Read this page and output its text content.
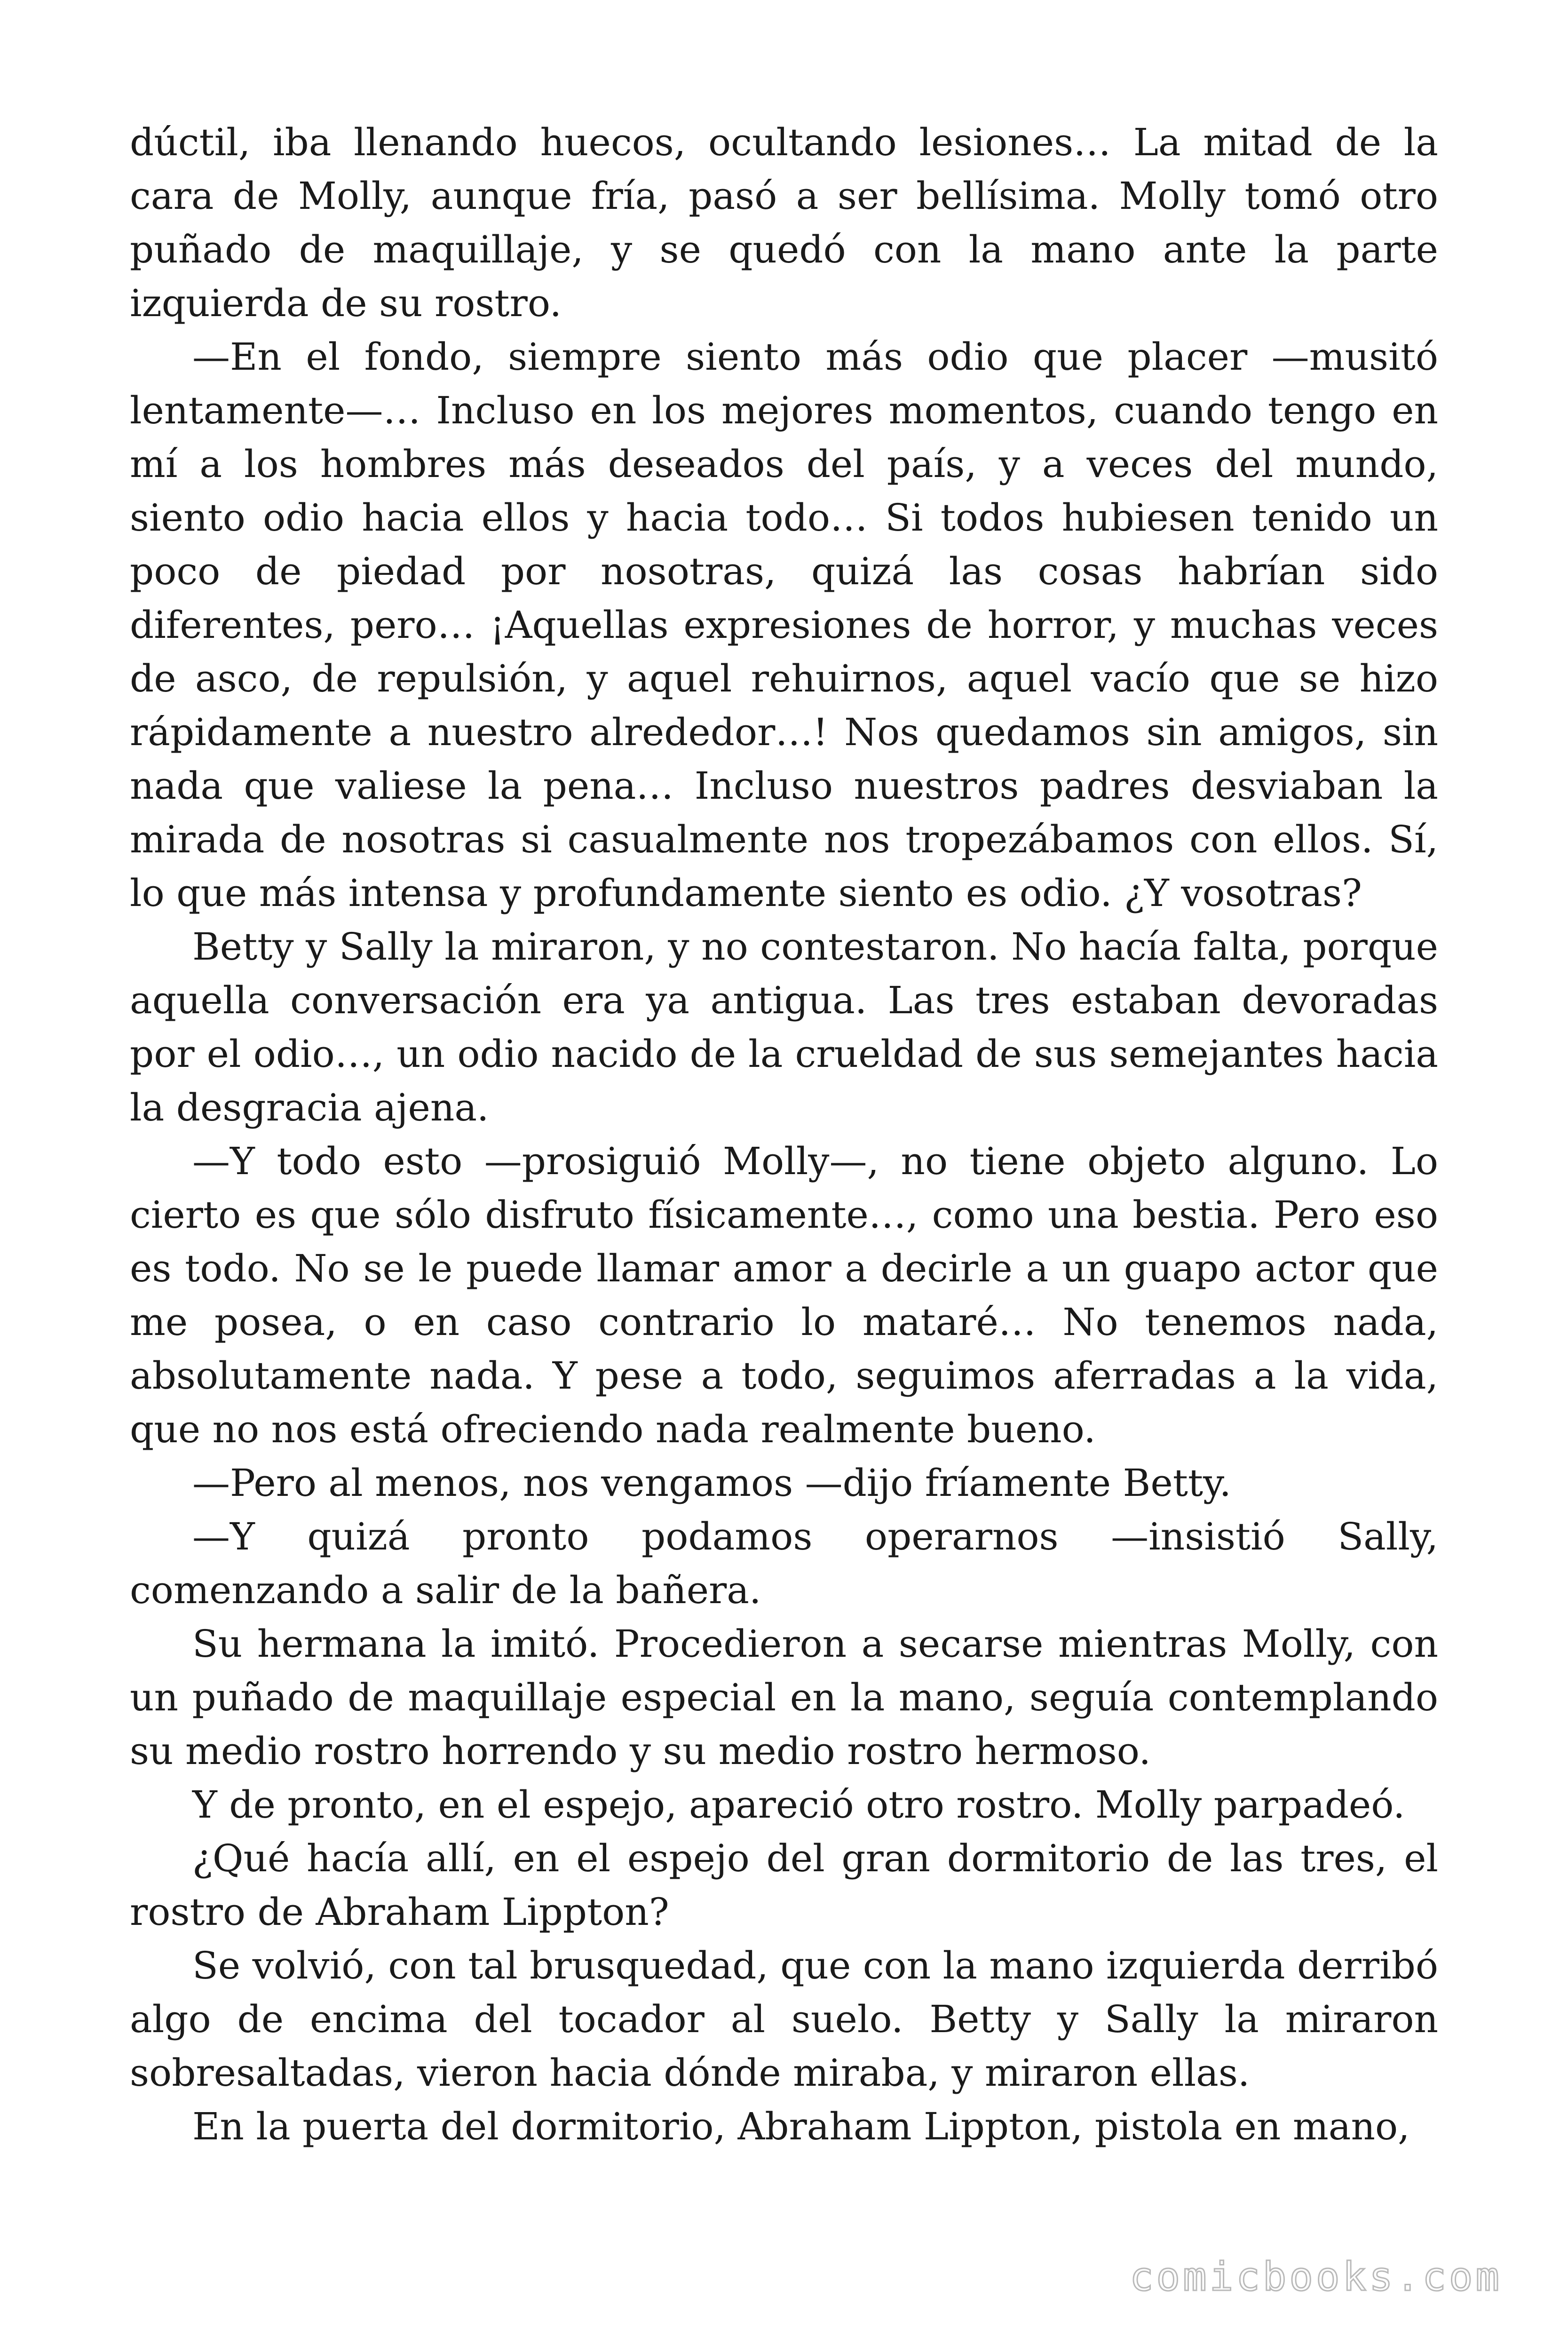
dúctil, iba llenando huecos, ocultando lesiones… La mitad de la cara de Molly, aunque fría, pasó a ser bellísima. Molly tomó otro puñado de maquillaje, y se quedó con la mano ante la parte izquierda de su rostro.

—En el fondo, siempre siento más odio que placer —musitó lentamente—… Incluso en los mejores momentos, cuando tengo en mí a los hombres más deseados del país, y a veces del mundo, siento odio hacia ellos y hacia todo… Si todos hubiesen tenido un poco de piedad por nosotras, quizá las cosas habrían sido diferentes, pero… ¡Aquellas expresiones de horror, y muchas veces de asco, de repulsión, y aquel rehuirnos, aquel vacío que se hizo rápidamente a nuestro alrededor…! Nos quedamos sin amigos, sin nada que valiese la pena… Incluso nuestros padres desviaban la mirada de nosotras si casualmente nos tropezábamos con ellos. Sí, lo que más intensa y profundamente siento es odio. ¿Y vosotras?

Betty y Sally la miraron, y no contestaron. No hacía falta, porque aquella conversación era ya antigua. Las tres estaban devoradas por el odio…, un odio nacido de la crueldad de sus semejantes hacia la desgracia ajena.

—Y todo esto —prosiguió Molly—, no tiene objeto alguno. Lo cierto es que sólo disfruto físicamente…, como una bestia. Pero eso es todo. No se le puede llamar amor a decirle a un guapo actor que me posea, o en caso contrario lo mataré… No tenemos nada, absolutamente nada. Y pese a todo, seguimos aferradas a la vida, que no nos está ofreciendo nada realmente bueno.

—Pero al menos, nos vengamos —dijo fríamente Betty.

—Y quizá pronto podamos operarnos —insistió Sally, comenzando a salir de la bañera.

Su hermana la imitó. Procedieron a secarse mientras Molly, con un puñado de maquillaje especial en la mano, seguía contemplando su medio rostro horrendo y su medio rostro hermoso.

Y de pronto, en el espejo, apareció otro rostro. Molly parpadeó.

¿Qué hacía allí, en el espejo del gran dormitorio de las tres, el rostro de Abraham Lippton?

Se volvió, con tal brusquedad, que con la mano izquierda derribó algo de encima del tocador al suelo. Betty y Sally la miraron sobresaltadas, vieron hacia dónde miraba, y miraron ellas.

En la puerta del dormitorio, Abraham Lippton, pistola en mano,

comicbooks.com
